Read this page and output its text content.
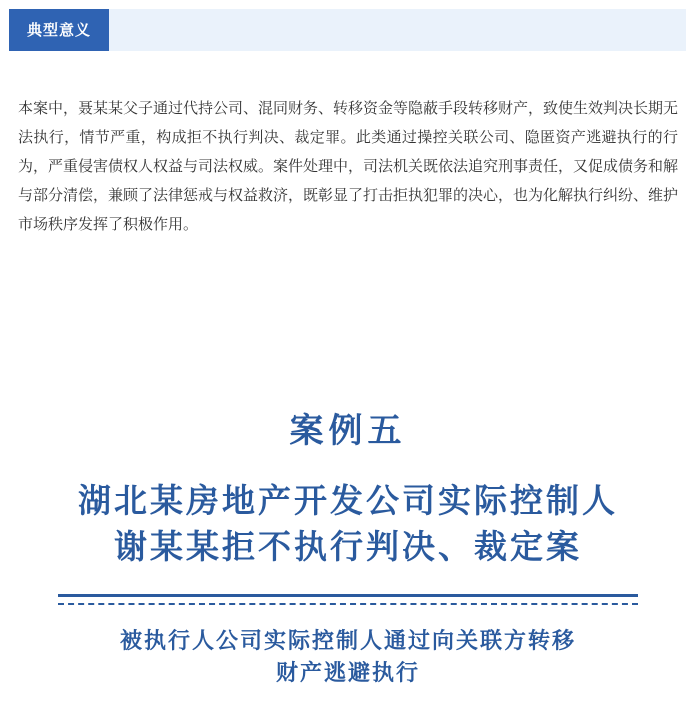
典型意义

本案中，聂某某父子通过代持公司、混同财务、转移资金等隐蔽手段转移财产，致使生效判决长期无法执行，情节严重，构成拒不执行判决、裁定罪。此类通过操控关联公司、隐匿资产逃避执行的行为，严重侵害债权人权益与司法权威。案件处理中，司法机关既依法追究刑事责任，又促成债务和解与部分清偿，兼顾了法律惩戒与权益救济，既彰显了打击拒执犯罪的决心，也为化解执行纠纷、维护市场秩序发挥了积极作用。

案例五
湖北某房地产开发公司实际控制人
谢某某拒不执行判决、裁定案
被执行人公司实际控制人通过向关联方转移
财产逃避执行
